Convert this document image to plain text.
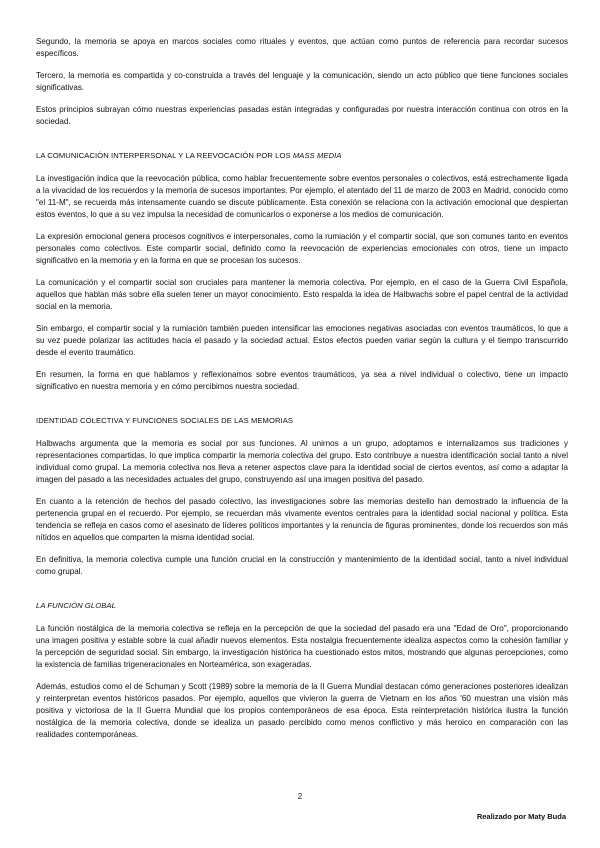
Segundo, la memoria se apoya en marcos sociales como rituales y eventos, que actúan como puntos de referencia para recordar sucesos específicos.

Tercero, la memoria es compartida y co-construida a través del lenguaje y la comunicación, siendo un acto público que tiene funciones sociales significativas.

Estos principios subrayan cómo nuestras experiencias pasadas están integradas y configuradas por nuestra interacción continua con otros en la sociedad.

LA COMUNICACIÓN INTERPERSONAL Y LA REEVOCACIÓN POR LOS MASS MEDIA

La investigación indica que la reevocación pública, como hablar frecuentemente sobre eventos personales o colectivos, está estrechamente ligada a la vivacidad de los recuerdos y la memoria de sucesos importantes. Por ejemplo, el atentado del 11 de marzo de 2003 en Madrid, conocido como "el 11-M", se recuerda más intensamente cuando se discute públicamente. Esta conexión se relaciona con la activación emocional que despiertan estos eventos, lo que a su vez impulsa la necesidad de comunicarlos o exponerse a los medios de comunicación.

La expresión emocional genera procesos cognitivos e interpersonales, como la rumiación y el compartir social, que son comunes tanto en eventos personales como colectivos. Este compartir social, definido como la reevocación de experiencias emocionales con otros, tiene un impacto significativo en la memoria y en la forma en que se procesan los sucesos.

La comunicación y el compartir social son cruciales para mantener la memoria colectiva. Por ejemplo, en el caso de la Guerra Civil Española, aquellos que hablan más sobre ella suelen tener un mayor conocimiento. Esto respalda la idea de Halbwachs sobre el papel central de la actividad social en la memoria.

Sin embargo, el compartir social y la rumiación también pueden intensificar las emociones negativas asociadas con eventos traumáticos, lo que a su vez puede polarizar las actitudes hacia el pasado y la sociedad actual. Estos efectos pueden variar según la cultura y el tiempo transcurrido desde el evento traumático.

En resumen, la forma en que hablamos y reflexionamos sobre eventos traumáticos, ya sea a nivel individual o colectivo, tiene un impacto significativo en nuestra memoria y en cómo percibimos nuestra sociedad.

IDENTIDAD COLECTIVA Y FUNCIONES SOCIALES DE LAS MEMORIAS

Halbwachs argumenta que la memoria es social por sus funciones. Al unirnos a un grupo, adoptamos e internalizamos sus tradiciones y representaciones compartidas, lo que implica compartir la memoria colectiva del grupo. Esto contribuye a nuestra identificación social tanto a nivel individual como grupal. La memoria colectiva nos lleva a retener aspectos clave para la identidad social de ciertos eventos, así como a adaptar la imagen del pasado a las necesidades actuales del grupo, construyendo así una imagen positiva del pasado.

En cuanto a la retención de hechos del pasado colectivo, las investigaciones sobre las memorias destello han demostrado la influencia de la pertenencia grupal en el recuerdo. Por ejemplo, se recuerdan más vivamente eventos centrales para la identidad social nacional y política. Esta tendencia se refleja en casos como el asesinato de líderes políticos importantes y la renuncia de figuras prominentes, donde los recuerdos son más nítidos en aquellos que comparten la misma identidad social.

En definitiva, la memoria colectiva cumple una función crucial en la construcción y mantenimiento de la identidad social, tanto a nivel individual como grupal.

LA FUNCIÓN GLOBAL

La función nostálgica de la memoria colectiva se refleja en la percepción de que la sociedad del pasado era una "Edad de Oro", proporcionando una imagen positiva y estable sobre la cual añadir nuevos elementos. Esta nostalgia frecuentemente idealiza aspectos como la cohesión familiar y la percepción de seguridad social. Sin embargo, la investigación histórica ha cuestionado estos mitos, mostrando que algunas percepciones, como la existencia de familias trigeneracionales en Norteamérica, son exageradas.

Además, estudios como el de Schuman y Scott (1989) sobre la memoria de la II Guerra Mundial destacan cómo generaciones posteriores idealizan y reinterpretan eventos históricos pasados. Por ejemplo, aquellos que vivieron la guerra de Vietnam en los años '60 muestran una visión más positiva y victoriosa de la II Guerra Mundial que los propios contemporáneos de esa época. Esta reinterpretación histórica ilustra la función nostálgica de la memoria colectiva, donde se idealiza un pasado percibido como menos conflictivo y más heroico en comparación con las realidades contemporáneas.

2
Realizado por Maty Buda
